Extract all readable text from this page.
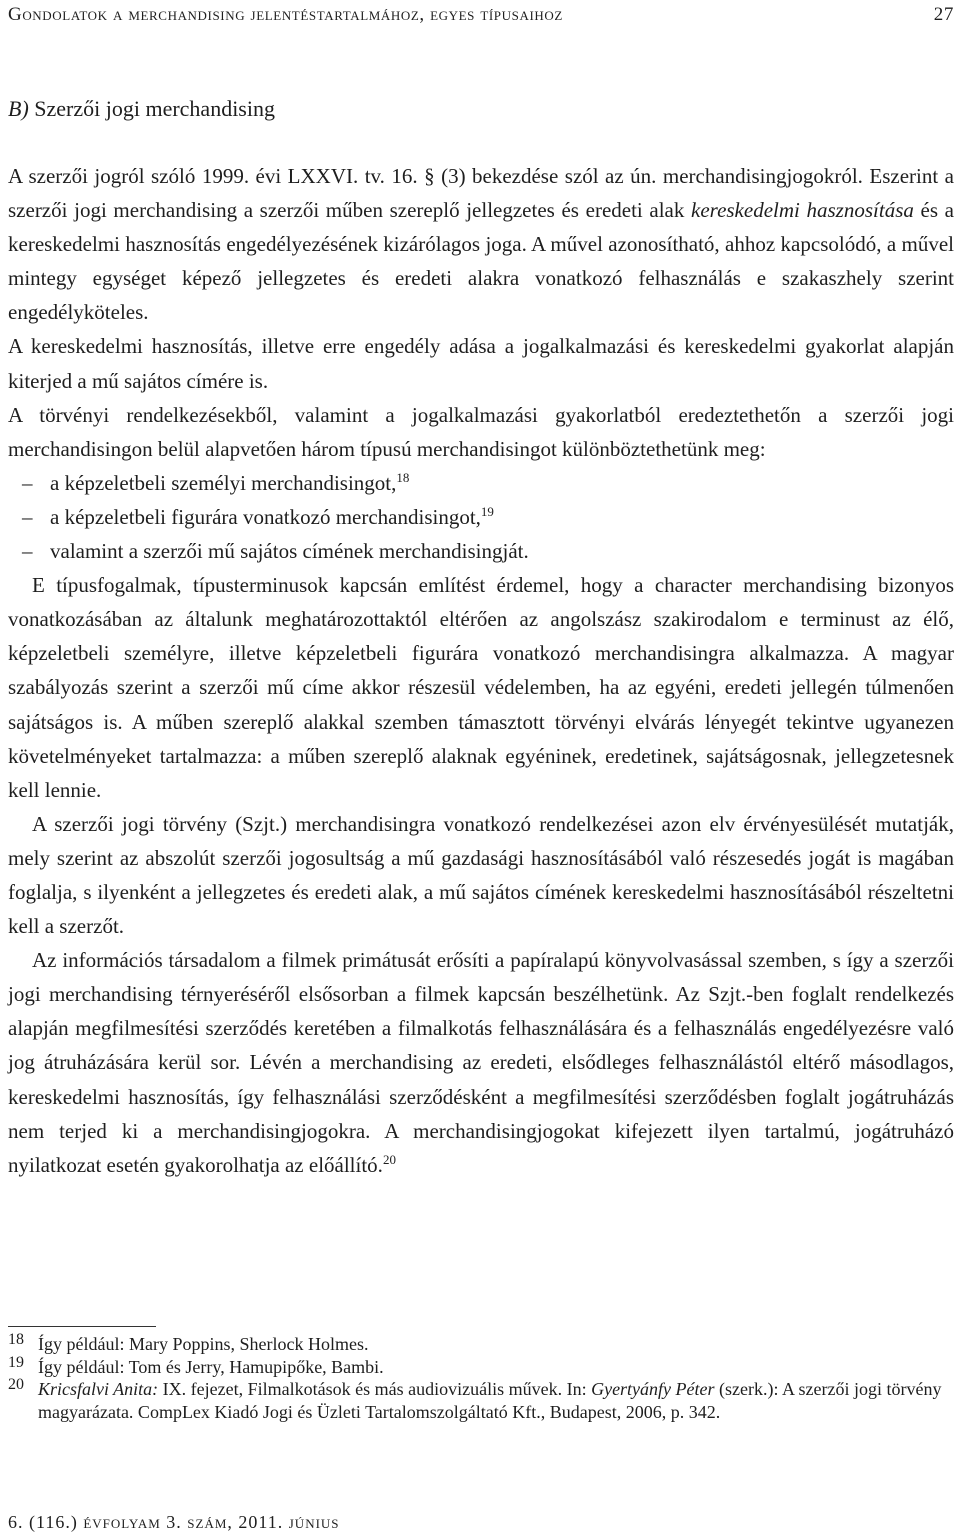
Gondolatok a merchandising jelentéstartalmához, egyes típusaihoz	27
B) Szerzői jogi merchandising

A szerzői jogról szóló 1999. évi LXXVI. tv. 16. § (3) bekezdése szól az ún. merchandisingjogokról. Eszerint a szerzői jogi merchandising a szerzői műben szereplő jellegzetes és eredeti alak kereskedelmi hasznosítása és a kereskedelmi hasznosítás engedélyezésének kizárólagos joga. A művel azonosítható, ahhoz kapcsolódó, a művel mintegy egységet képező jellegzetes és eredeti alakra vonatkozó felhasználás e szakaszhely szerint engedélyköteles.

A kereskedelmi hasznosítás, illetve erre engedély adása a jogalkalmazási és kereskedelmi gyakorlat alapján kiterjed a mű sajátos címére is.

A törvényi rendelkezésekből, valamint a jogalkalmazási gyakorlatból eredeztethetőn a szerzői jogi merchandisingon belül alapvetően három típusú merchandisingot különböztethetünk meg:

– a képzeletbeli személyi merchandisingot,$^{18}$

– a képzeletbeli figurára vonatkozó merchandisingot,$^{19}$

– valamint a szerzői mű sajátos címének merchandisingját.

E típusfogalmak, típusterminusok kapcsán említést érdemel, hogy a character merchandising bizonyos vonatkozásában az általunk meghatározottaktól eltérően az angolszász szakirodalom e terminust az élő, képzeletbeli személyre, illetve képzeletbeli figurára vonatkozó merchandisingra alkalmazza. A magyar szabályozás szerint a szerzői mű címe akkor részesül védelemben, ha az egyéni, eredeti jellegén túlmenően sajátságos is. A műben szereplő alakkal szemben támasztott törvényi elvárás lényegét tekintve ugyanezen követelményeket tartalmazza: a műben szereplő alaknak egyéninek, eredetinek, sajátságosnak, jellegzetesnek kell lennie.

A szerzői jogi törvény (Szjt.) merchandisingra vonatkozó rendelkezései azon elv érvényesülését mutatják, mely szerint az abszolút szerzői jogosultság a mű gazdasági hasznosításából való részesedés jogát is magában foglalja, s ilyenként a jellegzetes és eredeti alak, a mű sajátos címének kereskedelmi hasznosításából részeltetni kell a szerzőt.

Az információs társadalom a filmek primátusát erősíti a papíralapú könyvolvasással szemben, s így a szerzői jogi merchandising térnyeréséről elsősorban a filmek kapcsán beszélhetünk. Az Szjt.-ben foglalt rendelkezés alapján megfilmesítési szerződés keretében a filmalkotás felhasználására és a felhasználás engedélyezésre való jog átruházására kerül sor. Lévén a merchandising az eredeti, elsődleges felhasználástól eltérő másodlagos, kereskedelmi hasznosítás, így felhasználási szerződésként a megfilmesítési szerződésben foglalt jogátruházás nem terjed ki a merchandisingjogokra. A merchandisingjogokat kifejezett ilyen tartalmú, jogátruházó nyilatkozat esetén gyakorolhatja az előállító.$^{20}$

18 Így például: Mary Poppins, Sherlock Holmes.
19 Így például: Tom és Jerry, Hamupipőke, Bambi.
20 Kricsfalvi Anita: IX. fejezet, Filmalkotások és más audiovizuális művek. In: Gyertyánfy Péter (szerk.): A szerzői jogi törvény magyarázata. CompLex Kiadó Jogi és Üzleti Tartalomszolgáltató Kft., Budapest, 2006, p. 342.
6. (116.) évfolyam 3. szám, 2011. június
